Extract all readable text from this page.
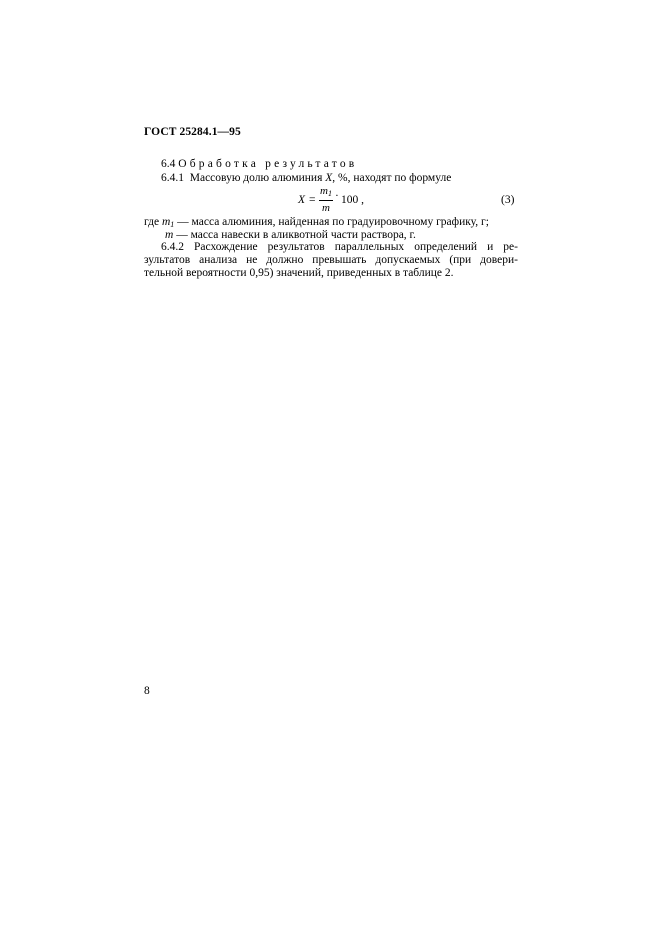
ГОСТ 25284.1—95
6.4 Обработка результатов
6.4.1 Массовую долю алюминия X, %, находят по формуле
X =
$m_1$
m
· 100 ,	(3)
где $m_1$ — масса алюминия, найденная по градуировочному графику, г;
m — масса навески в аликвотной части раствора, г.
6.4.2 Расхождение результатов параллельных определений и ре-
зультатов анализа не должно превышать допускаемых (при довери-
тельной вероятности 0,95) значений, приведенных в таблице 2.
8
